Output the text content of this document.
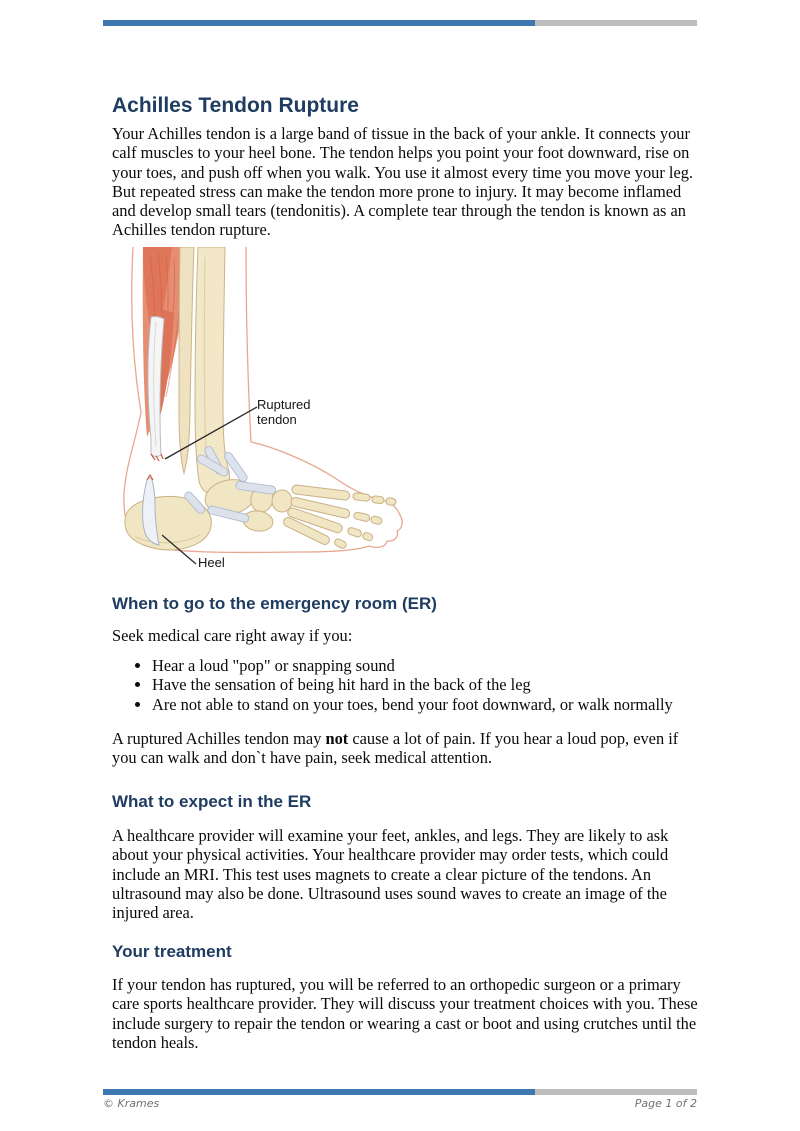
Achilles Tendon Rupture

Your Achilles tendon is a large band of tissue in the back of your ankle. It connects your calf muscles to your heel bone. The tendon helps you point your foot downward, rise on your toes, and push off when you walk. You use it almost every time you move your leg. But repeated stress can make the tendon more prone to injury. It may become inflamed and develop small tears (tendonitis). A complete tear through the tendon is known as an Achilles tendon rupture.

Ruptured tendon
Heel
When to go to the emergency room (ER)

Seek medical care right away if you:

• Hear a loud "pop" or snapping sound
• Have the sensation of being hit hard in the back of the leg
• Are not able to stand on your toes, bend your foot downward, or walk normally

A ruptured Achilles tendon may not cause a lot of pain. If you hear a loud pop, even if you can walk and don`t have pain, seek medical attention.

What to expect in the ER

A healthcare provider will examine your feet, ankles, and legs. They are likely to ask about your physical activities. Your healthcare provider may order tests, which could include an MRI. This test uses magnets to create a clear picture of the tendons. An ultrasound may also be done. Ultrasound uses sound waves to create an image of the injured area.

Your treatment

If your tendon has ruptured, you will be referred to an orthopedic surgeon or a primary care sports healthcare provider. They will discuss your treatment choices with you. These include surgery to repair the tendon or wearing a cast or boot and using crutches until the tendon heals.

© Krames	Page 1 of 2
